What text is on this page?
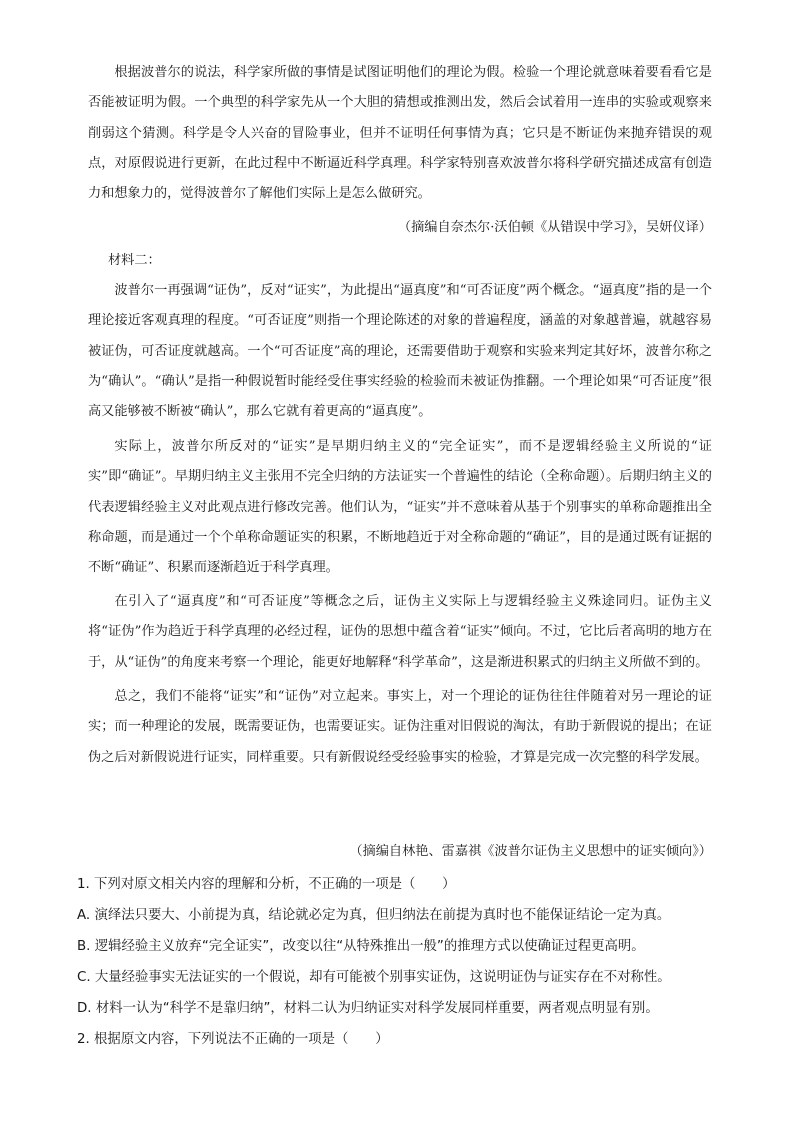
根据波普尔的说法，科学家所做的事情是试图证明他们的理论为假。检验一个理论就意味着要看看它是否能被证明为假。一个典型的科学家先从一个大胆的猜想或推测出发，然后会试着用一连串的实验或观察来削弱这个猜测。科学是令人兴奋的冒险事业，但并不证明任何事情为真；它只是不断证伪来抛弃错误的观点，对原假说进行更新，在此过程中不断逼近科学真理。科学家特别喜欢波普尔将科学研究描述成富有创造力和想象力的，觉得波普尔了解他们实际上是怎么做研究。

（摘编自奈杰尔·沃伯顿《从错误中学习》，吴妍仪译）

材料二：

波普尔一再强调“证伪”，反对“证实”，为此提出“逼真度”和“可否证度”两个概念。“逼真度”指的是一个理论接近客观真理的程度。“可否证度”则指一个理论陈述的对象的普遍程度，涵盖的对象越普遍，就越容易被证伪，可否证度就越高。一个“可否证度”高的理论，还需要借助于观察和实验来判定其好坏，波普尔称之为“确认”。“确认”是指一种假说暂时能经受住事实经验的检验而未被证伪推翻。一个理论如果“可否证度”很高又能够被不断被“确认”，那么它就有着更高的“逼真度”。

实际上，波普尔所反对的“证实”是早期归纳主义的“完全证实”，而不是逻辑经验主义所说的“证实”即“确证”。早期归纳主义主张用不完全归纳的方法证实一个普遍性的结论（全称命题）。后期归纳主义的代表逻辑经验主义对此观点进行修改完善。他们认为，“证实”并不意味着从基于个别事实的单称命题推出全称命题，而是通过一个个单称命题证实的积累，不断地趋近于对全称命题的“确证”，目的是通过既有证据的不断“确证”、积累而逐渐趋近于科学真理。

在引入了“逼真度”和“可否证度”等概念之后，证伪主义实际上与逻辑经验主义殊途同归。证伪主义将“证伪”作为趋近于科学真理的必经过程，证伪的思想中蕴含着“证实”倾向。不过，它比后者高明的地方在于，从“证伪”的角度来考察一个理论，能更好地解释“科学革命”，这是渐进积累式的归纳主义所做不到的。

总之，我们不能将“证实”和“证伪”对立起来。事实上，对一个理论的证伪往往伴随着对另一理论的证实；而一种理论的发展，既需要证伪，也需要证实。证伪注重对旧假说的淘汰，有助于新假说的提出；在证伪之后对新假说进行证实，同样重要。只有新假说经受经验事实的检验，才算是完成一次完整的科学发展。

（摘编自林艳、雷嘉祺《波普尔证伪主义思想中的证实倾向》）

1. 下列对原文相关内容的理解和分析，不正确的一项是（　　）

A. 演绎法只要大、小前提为真，结论就必定为真，但归纳法在前提为真时也不能保证结论一定为真。

B. 逻辑经验主义放弃“完全证实”，改变以往“从特殊推出一般”的推理方式以使确证过程更高明。

C. 大量经验事实无法证实的一个假说，却有可能被个别事实证伪，这说明证伪与证实存在不对称性。

D. 材料一认为“科学不是靠归纳”，材料二认为归纳证实对科学发展同样重要，两者观点明显有别。

2. 根据原文内容，下列说法不正确的一项是（　　）
